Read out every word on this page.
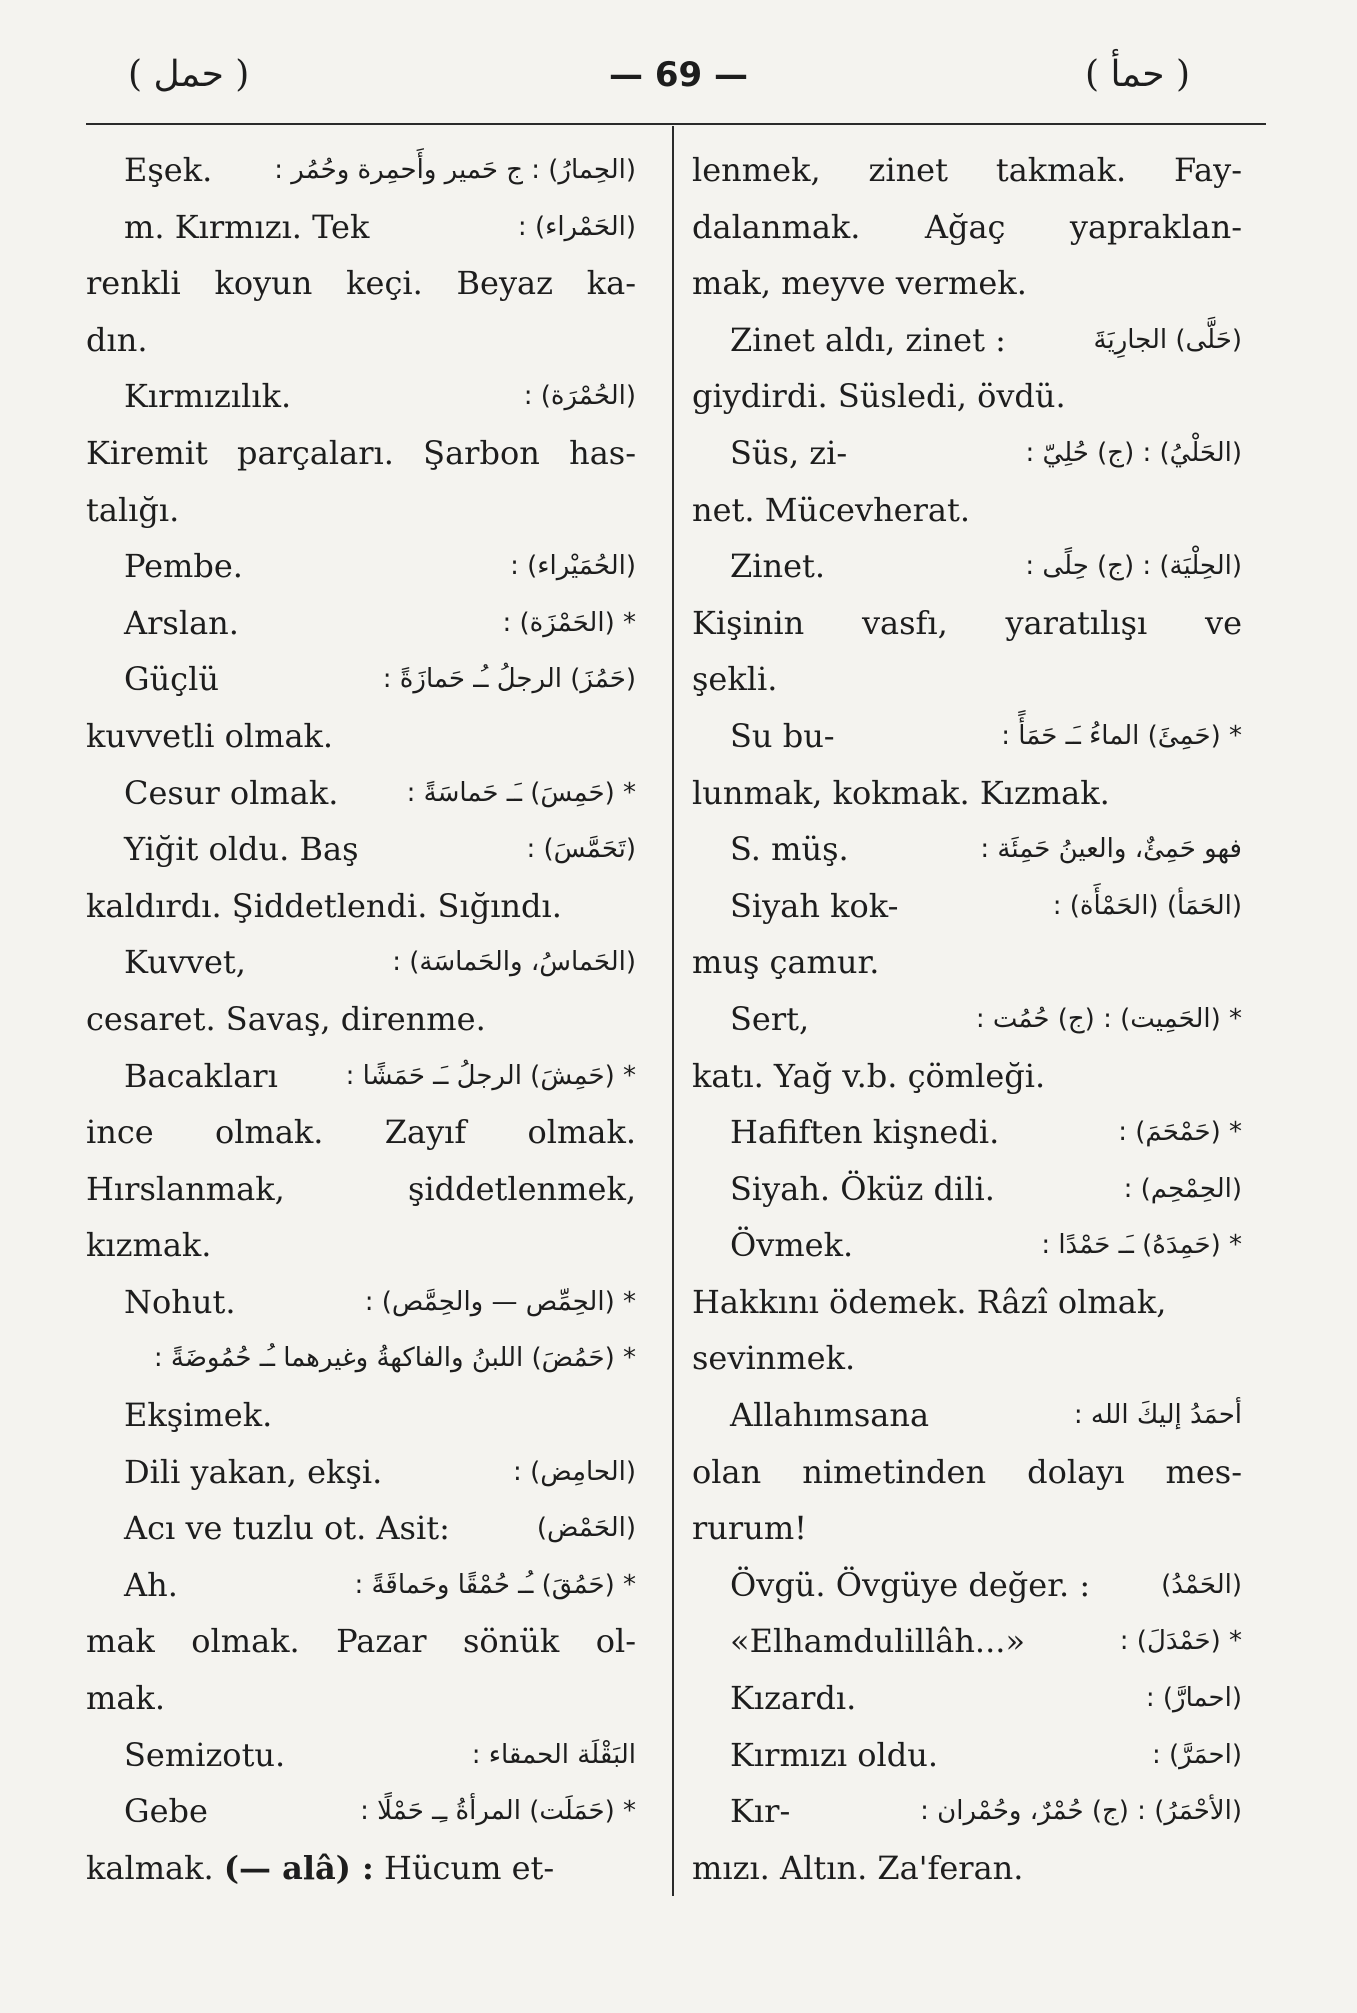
( حمل )	— 69 —	( حمأ )
Eşek. (الحِمارُ) : ج حَمير وأَحمِرة وحُمُر :
m. Kırmızı. Tek	(الحَمْراء) :
renkli koyun keçi. Beyaz ka-
dın.
Kırmızılık.	(الحُمْرَة) :
Kiremit parçaları. Şarbon has-
talığı.
Pembe.	(الحُمَيْراء) :
Arslan.	* (الحَمْزَة) :
Güçlü	(حَمُزَ) الرجلُ ـُـ حَمازَةً :
kuvvetli olmak.
Cesur olmak.	* (حَمِسَ) ـَـ حَماسَةً :
Yiğit oldu. Baş	(تَحَمَّسَ) :
kaldırdı. Şiddetlendi. Sığındı.
Kuvvet,	(الحَماسُ، والحَماسَة) :
cesaret. Savaş, direnme.
Bacakları	* (حَمِشَ) الرجلُ ـَـ حَمَشًا :
ince olmak. Zayıf olmak.
Hırslanmak, şiddetlenmek,
kızmak.
Nohut.	* (الحِمِّص — والحِمَّص) :
* (حَمُضَ) اللبنُ والفاكهةُ وغيرهما ـُـ حُمُوضَةً :
Ekşimek.
Dili yakan, ekşi.	(الحامِض) :
Acı ve tuzlu ot. Asit:	(الحَمْض)
Ah.	* (حَمُقَ) ـُـ حُمْقًا وحَماقَةً :
mak olmak. Pazar sönük ol-
mak.
Semizotu.	البَقْلَة الحمقاء :
Gebe	* (حَمَلَت) المرأةُ ـِـ حَمْلًا :
kalmak. (— alâ) : Hücum et-
lenmek, zinet takmak. Fay-
dalanmak. Ağaç yapraklan-
mak, meyve vermek.
Zinet aldı, zinet :	(حَلَّى) الجارِيَةَ
giydirdi. Süsledi, övdü.
Süs, zi-	(الحَلْيُ) : (ج) حُلِيّ :
net. Mücevherat.
Zinet.	(الحِلْيَة) : (ج) حِلًى :
Kişinin vasfı, yaratılışı ve
şekli.
Su bu-	* (حَمِئَ) الماءُ ـَـ حَمَأً :
lunmak, kokmak. Kızmak.
S. müş.	فهو حَمِئٌ، والعينُ حَمِئَة :
Siyah kok-	(الحَمَأ) (الحَمْأَة) :
muş çamur.
Sert,	* (الحَمِيت) : (ج) حُمُت :
katı. Yağ v.b. çömleği.
Hafiften kişnedi.	* (حَمْحَمَ) :
Siyah. Öküz dili.	(الحِمْحِم) :
Övmek.	* (حَمِدَهُ) ـَـ حَمْدًا :
Hakkını ödemek. Râzî olmak,
sevinmek.
Allahımsana	أحمَدُ إليكَ الله :
olan nimetinden dolayı mes-
rurum!
Övgü. Övgüye değer. :	(الحَمْدُ)
«Elhamdulillâh...»	* (حَمْدَلَ) :
Kızardı.	(احمارَّ) :
Kırmızı oldu.	(احمَرَّ) :
Kır-	(الأحْمَرُ) : (ج) حُمْرٌ، وحُمْران :
mızı. Altın. Za'feran.
